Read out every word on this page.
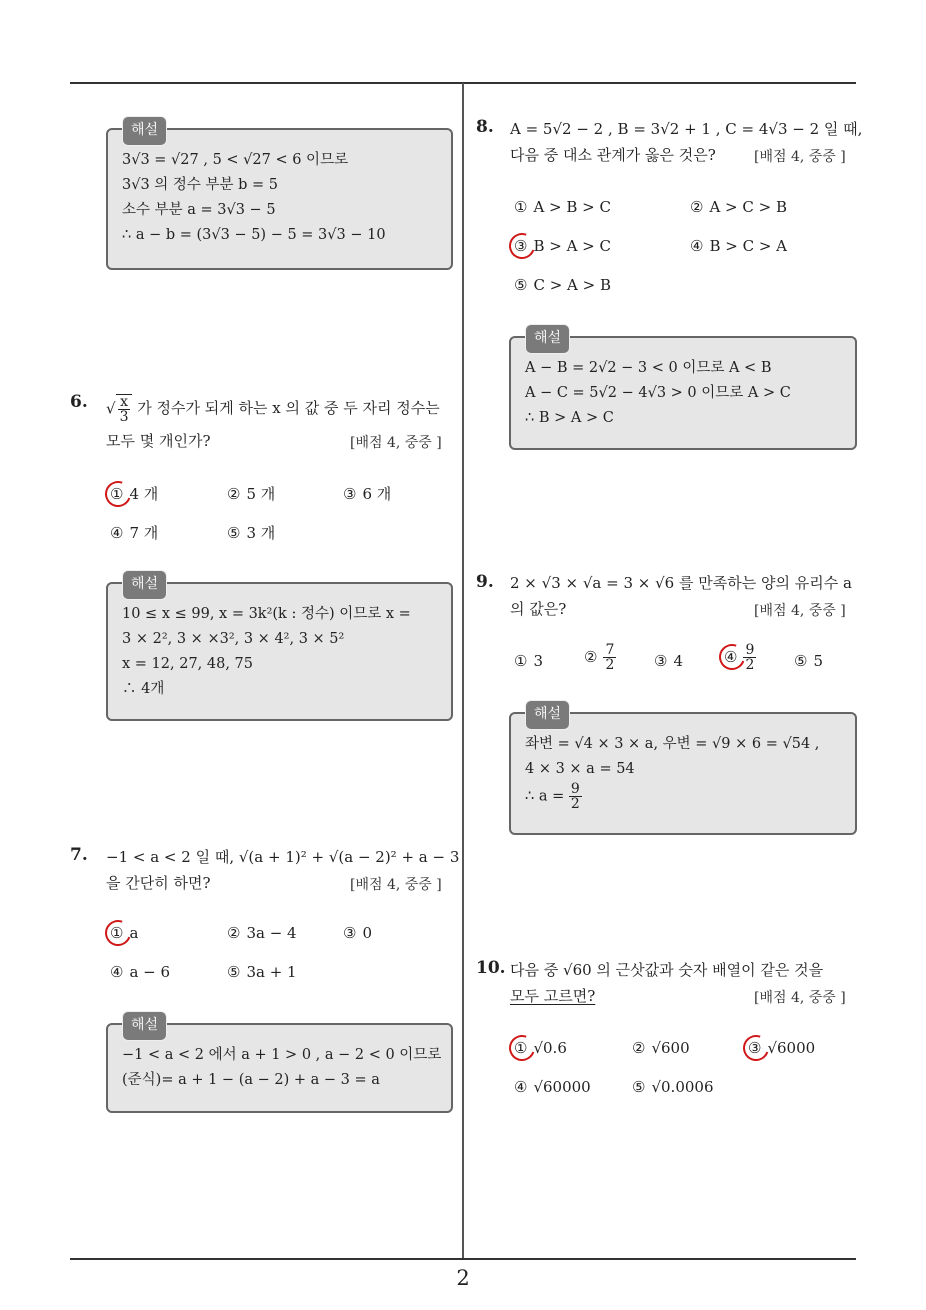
해설
3√3 = √27 , 5 < √27 < 6 이므로
3√3 의 정수 부분 b = 5
소수 부분 a = 3√3 − 5
∴ a − b = (3√3 − 5) − 5 = 3√3 − 10
6. √ $\frac{x}{3}$ 가 정수가 되게 하는 x 의 값 중 두 자리 정수는
모두 몇 개인가?	[배점 4, 중중 ]
① 4 개	② 5 개	③ 6 개
④ 7 개	⑤ 3 개
해설
10 ≤ x ≤ 99, x = 3k²(k : 정수) 이므로 x =
3 × 2², 3 × ×3², 3 × 4², 3 × 5²
x = 12, 27, 48, 75
∴ 4개
7. −1 < a < 2 일 때, √(a + 1)² + √(a − 2)² + a − 3
을 간단히 하면?	[배점 4, 중중 ]
① a	② 3a − 4	③ 0
④ a − 6	⑤ 3a + 1
해설
−1 < a < 2 에서 a + 1 > 0 , a − 2 < 0 이므로
(준식)= a + 1 − (a − 2) + a − 3 = a
8. A = 5√2 − 2 , B = 3√2 + 1 , C = 4√3 − 2 일 때,
다음 중 대소 관계가 옳은 것은?	[배점 4, 중중 ]
① A > B > C	② A > C > B
③ B > A > C	④ B > C > A
⑤ C > A > B
해설
A − B = 2√2 − 3 < 0 이므로 A < B
A − C = 5√2 − 4√3 > 0 이므로 A > C
∴ B > A > C
9. 2 × √3 × √a = 3 × √6 를 만족하는 양의 유리수 a
의 값은?	[배점 4, 중중 ]
① 3	② $\frac{7}{2}$	③ 4	④ $\frac{9}{2}$	⑤ 5
해설
좌변 = √4 × 3 × a, 우변 = √9 × 6 = √54 ,
4 × 3 × a = 54
∴ $a = \frac{9}{2}$
10. 다음 중 √60 의 근삿값과 숫자 배열이 같은 것을
모두 고르면?	[배점 4, 중중 ]
① √0.6	② √600	③ √6000
④ √60000	⑤ √0.0006
2
